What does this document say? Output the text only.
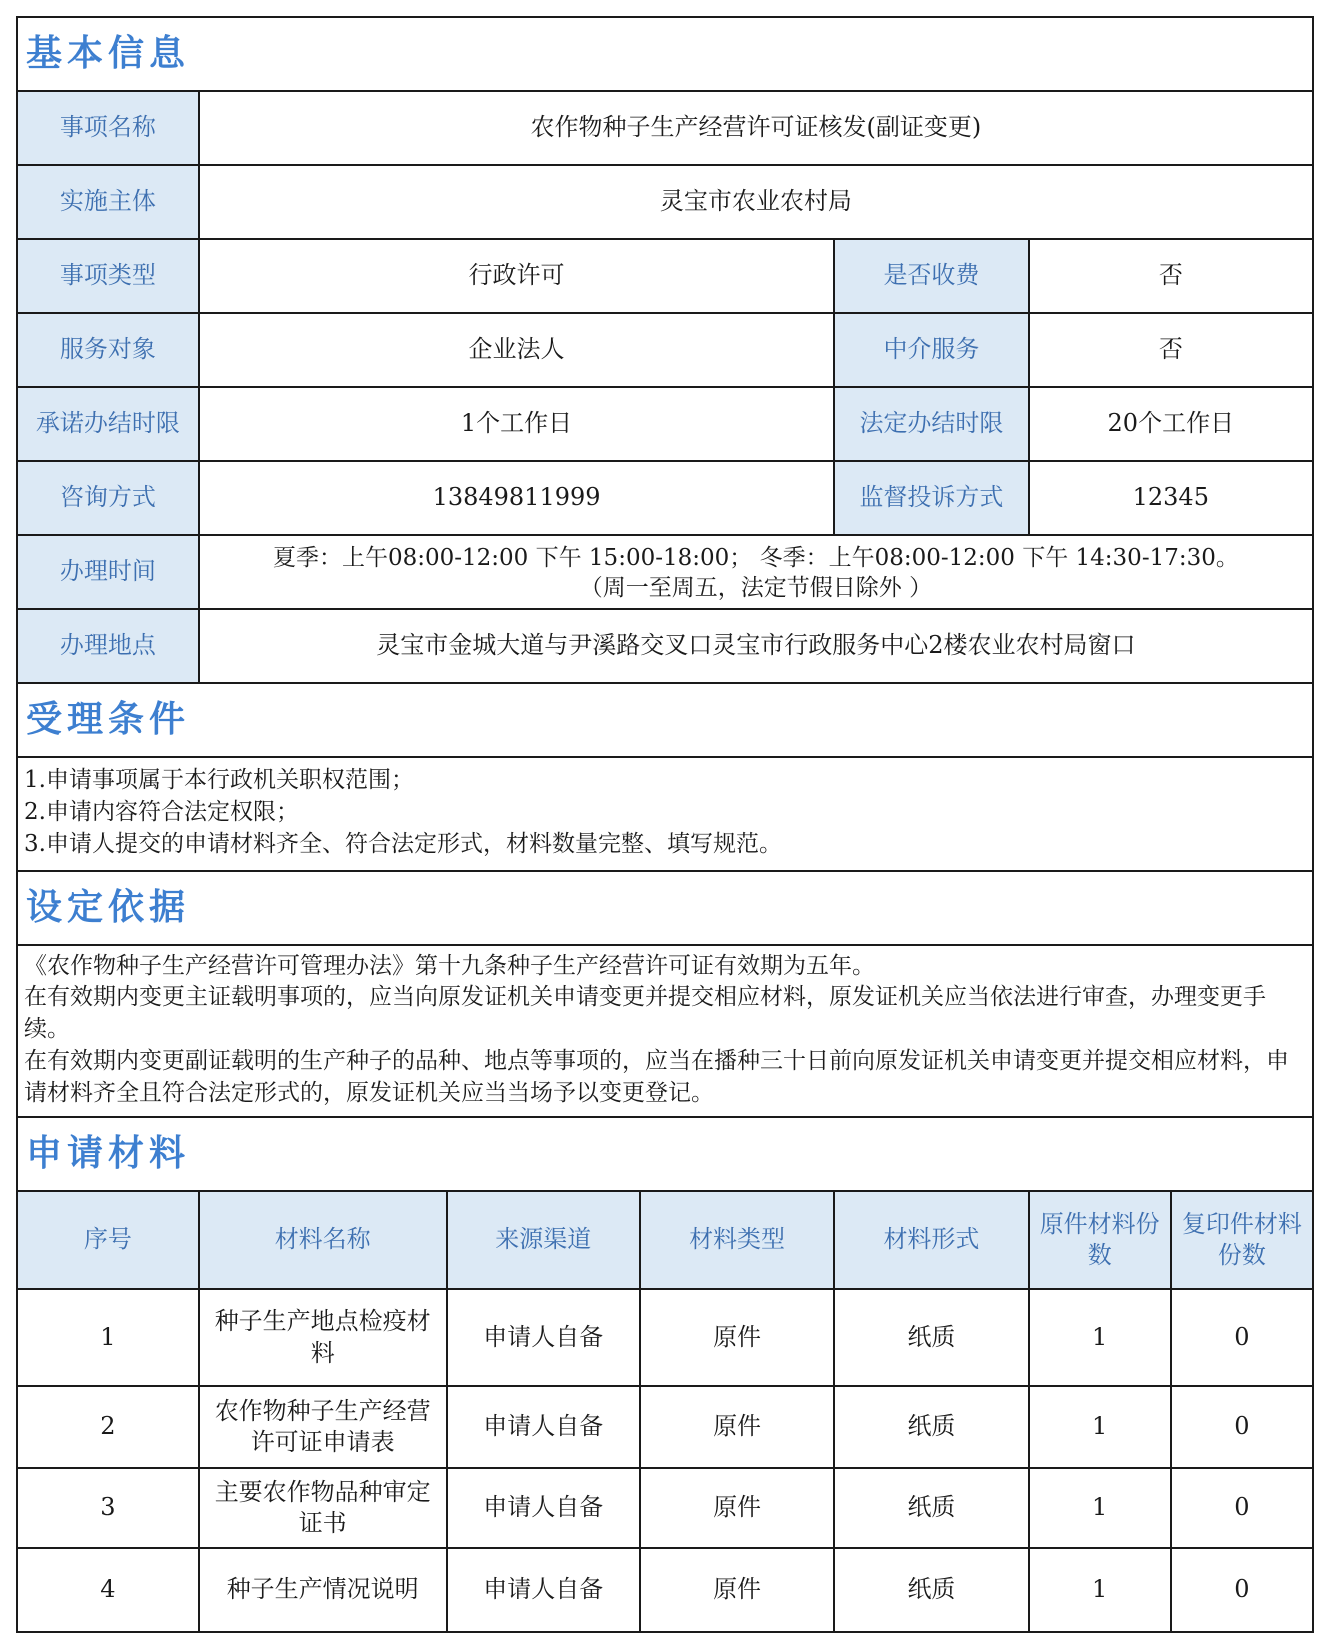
基本信息						
事项名称	农作物种子生产经营许可证核发(副证变更)					
实施主体	灵宝市农业农村局					
事项类型	行政许可			是否收费	否	
服务对象	企业法人			中介服务	否	
承诺办结时限	1个工作日			法定办结时限	20个工作日	
咨询方式	13849811999			监督投诉方式	12345	
办理时间	夏季：上午08:00-12:00 下午 15:00-18:00； 冬季：上午08:00-12:00 下午 14:30-17:30。
（周一至周五，法定节假日除外 ）					

办理地点	灵宝市金城大道与尹溪路交叉口灵宝市行政服务中心2楼农业农村局窗口					
受理条件						

1.申请事项属于本行政机关职权范围；
2.申请内容符合法定权限；
3.申请人提交的申请材料齐全、符合法定形式，材料数量完整、填写规范。						

设定依据						

《农作物种子生产经营许可管理办法》第十九条种子生产经营许可证有效期为五年。
在有效期内变更主证载明事项的，应当向原发证机关申请变更并提交相应材料，原发证机关应当依法进行审查，办理变更手续。
在有效期内变更副证载明的生产种子的品种、地点等事项的，应当在播种三十日前向原发证机关申请变更并提交相应材料，申请材料齐全且符合法定形式的，原发证机关应当当场予以变更登记。						

申请材料						
序号	材料名称	来源渠道	材料类型	材料形式	原件材料份数	复印件材料份数
1	种子生产地点检疫材料	申请人自备	原件	纸质	1	0
2	农作物种子生产经营许可证申请表	申请人自备	原件	纸质	1	0
3	主要农作物品种审定证书	申请人自备	原件	纸质	1	0
4	种子生产情况说明	申请人自备	原件	纸质	1	0
